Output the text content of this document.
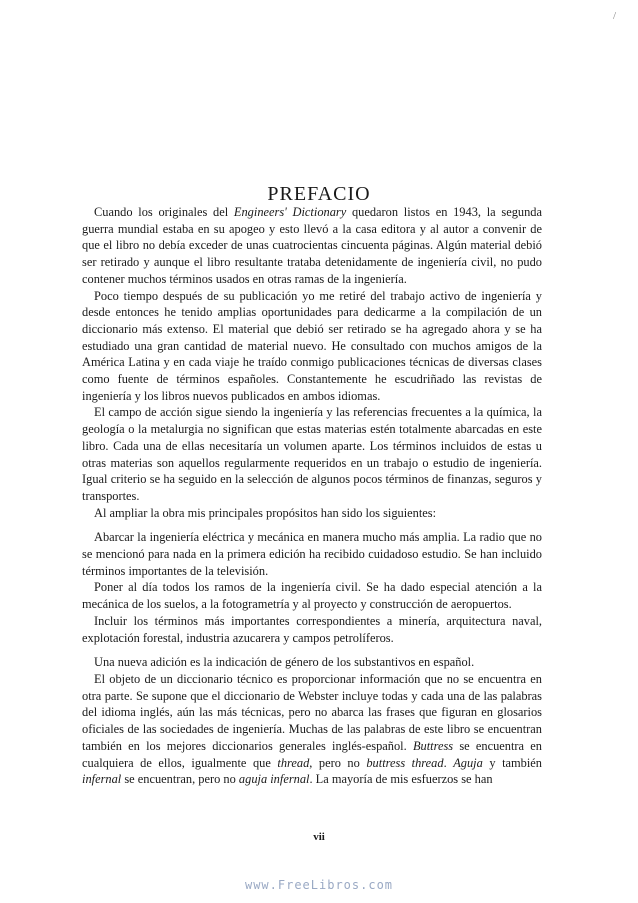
/
PREFACIO

Cuando los originales del Engineers' Dictionary quedaron listos en 1943, la segunda guerra mundial estaba en su apogeo y esto llevó a la casa editora y al autor a convenir de que el libro no debía exceder de unas cuatrocientas cincuenta páginas. Algún material debió ser retirado y aunque el libro resultante trataba detenidamente de ingeniería civil, no pudo contener muchos términos usados en otras ramas de la ingeniería.

Poco tiempo después de su publicación yo me retiré del trabajo activo de ingeniería y desde entonces he tenido amplias oportunidades para dedicarme a la compilación de un diccionario más extenso. El material que debió ser retirado se ha agregado ahora y se ha estudiado una gran cantidad de material nuevo. He consultado con muchos amigos de la América Latina y en cada viaje he traído conmigo publicaciones técnicas de diversas clases como fuente de términos españoles. Constantemente he escudriñado las revistas de ingeniería y los libros nuevos publicados en ambos idiomas.

El campo de acción sigue siendo la ingeniería y las referencias frecuentes a la química, la geología o la metalurgia no significan que estas materias estén totalmente abarcadas en este libro. Cada una de ellas necesitaría un volumen aparte. Los términos incluidos de estas u otras materias son aquellos regularmente requeridos en un trabajo o estudio de ingeniería. Igual criterio se ha seguido en la selección de algunos pocos términos de finanzas, seguros y transportes.

Al ampliar la obra mis principales propósitos han sido los siguientes:

Abarcar la ingeniería eléctrica y mecánica en manera mucho más amplia. La radio que no se mencionó para nada en la primera edición ha recibido cuidadoso estudio. Se han incluido términos importantes de la televisión.

Poner al día todos los ramos de la ingeniería civil. Se ha dado especial atención a la mecánica de los suelos, a la fotogrametría y al proyecto y construcción de aeropuertos.

Incluir los términos más importantes correspondientes a minería, arquitectura naval, explotación forestal, industria azucarera y campos petrolíferos.

Una nueva adición es la indicación de género de los substantivos en español.

El objeto de un diccionario técnico es proporcionar información que no se encuentra en otra parte. Se supone que el diccionario de Webster incluye todas y cada una de las palabras del idioma inglés, aún las más técnicas, pero no abarca las frases que figuran en glosarios oficiales de las sociedades de ingeniería. Muchas de las palabras de este libro se encuentran también en los mejores diccionarios generales inglés-español. Buttress se encuentra en cualquiera de ellos, igualmente que thread, pero no buttress thread. Aguja y también infernal se encuentran, pero no aguja infernal. La mayoría de mis esfuerzos se han

vii
www.FreeLibros.com
